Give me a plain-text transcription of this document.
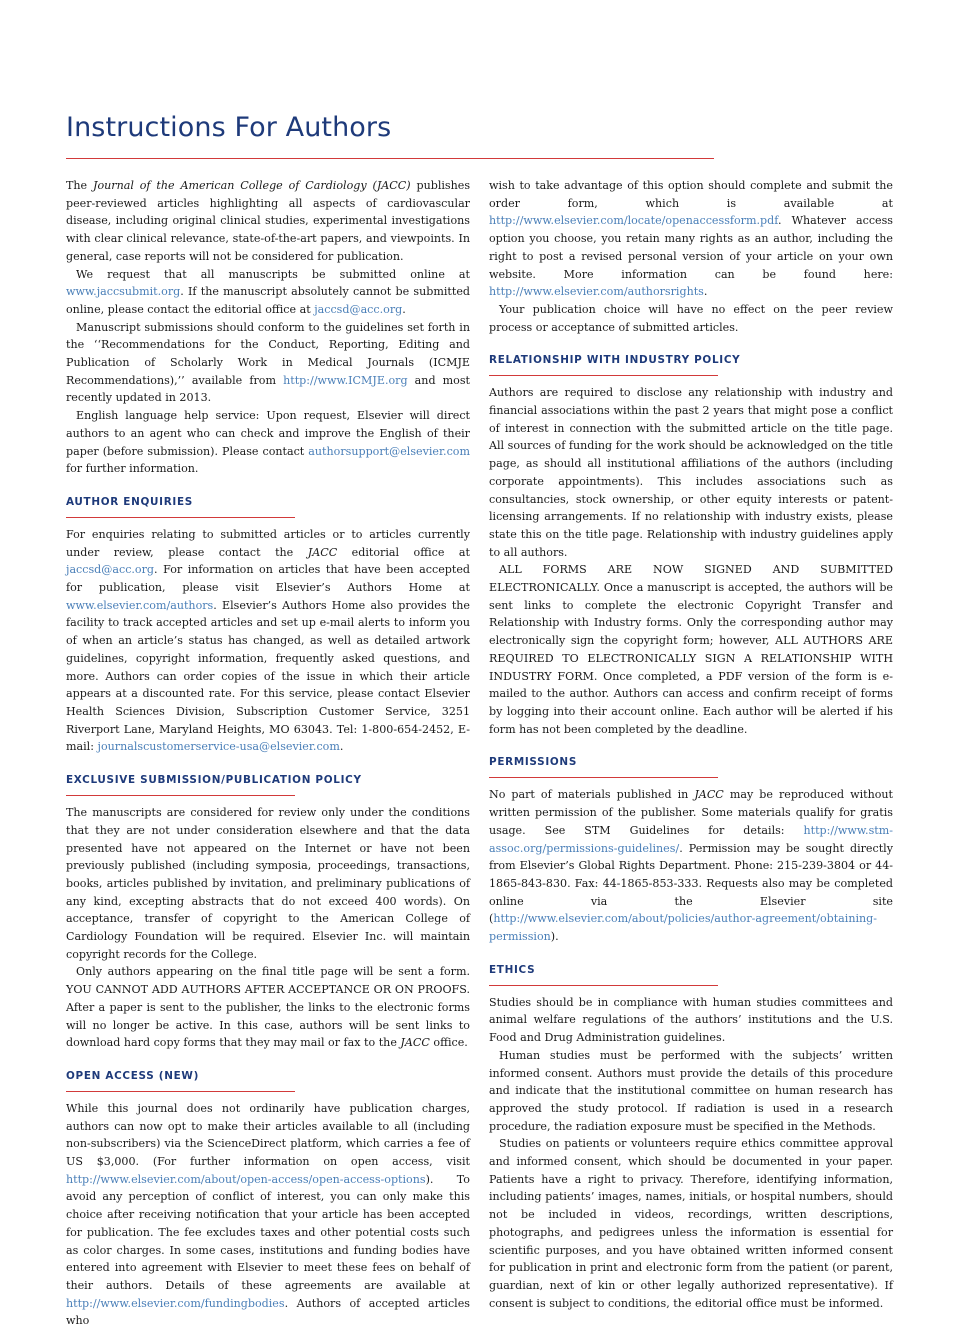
Instructions For Authors

The Journal of the American College of Cardiology (JACC) publishes peer-reviewed articles highlighting all aspects of cardiovascular disease, including original clinical studies, experimental investigations with clear clinical relevance, state-of-the-art papers, and viewpoints. In general, case reports will not be considered for publication.

We request that all manuscripts be submitted online at www.jaccsubmit.org. If the manuscript absolutely cannot be submitted online, please contact the editorial office at jaccsd@acc.org.

Manuscript submissions should conform to the guidelines set forth in the ‘‘Recommendations for the Conduct, Reporting, Editing and Publication of Scholarly Work in Medical Journals (ICMJE Recommendations),’’ available from http://www.ICMJE.org and most recently updated in 2013.

English language help service: Upon request, Elsevier will direct authors to an agent who can check and improve the English of their paper (before submission). Please contact authorsupport@elsevier.com for further information.

AUTHOR ENQUIRIES

For enquiries relating to submitted articles or to articles currently under review, please contact the JACC editorial office at jaccsd@acc.org. For information on articles that have been accepted for publication, please visit Elsevier’s Authors Home at www.elsevier.com/authors. Elsevier’s Authors Home also provides the facility to track accepted articles and set up e-mail alerts to inform you of when an article’s status has changed, as well as detailed artwork guidelines, copyright information, frequently asked questions, and more. Authors can order copies of the issue in which their article appears at a discounted rate. For this service, please contact Elsevier Health Sciences Division, Subscription Customer Service, 3251 Riverport Lane, Maryland Heights, MO 63043. Tel: 1-800-654-2452, E-mail: journalscustomerservice-usa@elsevier.com.

EXCLUSIVE SUBMISSION/PUBLICATION POLICY

The manuscripts are considered for review only under the conditions that they are not under consideration elsewhere and that the data presented have not appeared on the Internet or have not been previously published (including symposia, proceedings, transactions, books, articles published by invitation, and preliminary publications of any kind, excepting abstracts that do not exceed 400 words). On acceptance, transfer of copyright to the American College of Cardiology Foundation will be required. Elsevier Inc. will maintain copyright records for the College.

Only authors appearing on the final title page will be sent a form. YOU CANNOT ADD AUTHORS AFTER ACCEPTANCE OR ON PROOFS. After a paper is sent to the publisher, the links to the electronic forms will no longer be active. In this case, authors will be sent links to download hard copy forms that they may mail or fax to the JACC office.

OPEN ACCESS (NEW)

While this journal does not ordinarily have publication charges, authors can now opt to make their articles available to all (including non-subscribers) via the ScienceDirect platform, which carries a fee of US $3,000. (For further information on open access, visit http://www.elsevier.com/about/open-access/open-access-options). To avoid any perception of conflict of interest, you can only make this choice after receiving notification that your article has been accepted for publication. The fee excludes taxes and other potential costs such as color charges. In some cases, institutions and funding bodies have entered into agreement with Elsevier to meet these fees on behalf of their authors. Details of these agreements are available at http://www.elsevier.com/fundingbodies. Authors of accepted articles who

wish to take advantage of this option should complete and submit the order form, which is available at http://www.elsevier.com/locate/openaccessform.pdf. Whatever access option you choose, you retain many rights as an author, including the right to post a revised personal version of your article on your own website. More information can be found here: http://www.elsevier.com/authorsrights.

Your publication choice will have no effect on the peer review process or acceptance of submitted articles.

RELATIONSHIP WITH INDUSTRY POLICY

Authors are required to disclose any relationship with industry and financial associations within the past 2 years that might pose a conflict of interest in connection with the submitted article on the title page. All sources of funding for the work should be acknowledged on the title page, as should all institutional affiliations of the authors (including corporate appointments). This includes associations such as consultancies, stock ownership, or other equity interests or patent-licensing arrangements. If no relationship with industry exists, please state this on the title page. Relationship with industry guidelines apply to all authors.

ALL FORMS ARE NOW SIGNED AND SUBMITTED ELECTRONICALLY. Once a manuscript is accepted, the authors will be sent links to complete the electronic Copyright Transfer and Relationship with Industry forms. Only the corresponding author may electronically sign the copyright form; however, ALL AUTHORS ARE REQUIRED TO ELECTRONICALLY SIGN A RELATIONSHIP WITH INDUSTRY FORM. Once completed, a PDF version of the form is e-mailed to the author. Authors can access and confirm receipt of forms by logging into their account online. Each author will be alerted if his form has not been completed by the deadline.

PERMISSIONS

No part of materials published in JACC may be reproduced without written permission of the publisher. Some materials qualify for gratis usage. See STM Guidelines for details: http://www.stm-assoc.org/permissions-guidelines/. Permission may be sought directly from Elsevier’s Global Rights Department. Phone: 215-239-3804 or 44-1865-843-830. Fax: 44-1865-853-333. Requests also may be completed online via the Elsevier site (http://www.elsevier.com/about/policies/author-agreement/obtaining-permission).

ETHICS

Studies should be in compliance with human studies committees and animal welfare regulations of the authors’ institutions and the U.S. Food and Drug Administration guidelines.

Human studies must be performed with the subjects’ written informed consent. Authors must provide the details of this procedure and indicate that the institutional committee on human research has approved the study protocol. If radiation is used in a research procedure, the radiation exposure must be specified in the Methods.

Studies on patients or volunteers require ethics committee approval and informed consent, which should be documented in your paper. Patients have a right to privacy. Therefore, identifying information, including patients’ images, names, initials, or hospital numbers, should not be included in videos, recordings, written descriptions, photographs, and pedigrees unless the information is essential for scientific purposes, and you have obtained written informed consent for publication in print and electronic form from the patient (or parent, guardian, next of kin or other legally authorized representative). If consent is subject to conditions, the editorial office must be informed.
